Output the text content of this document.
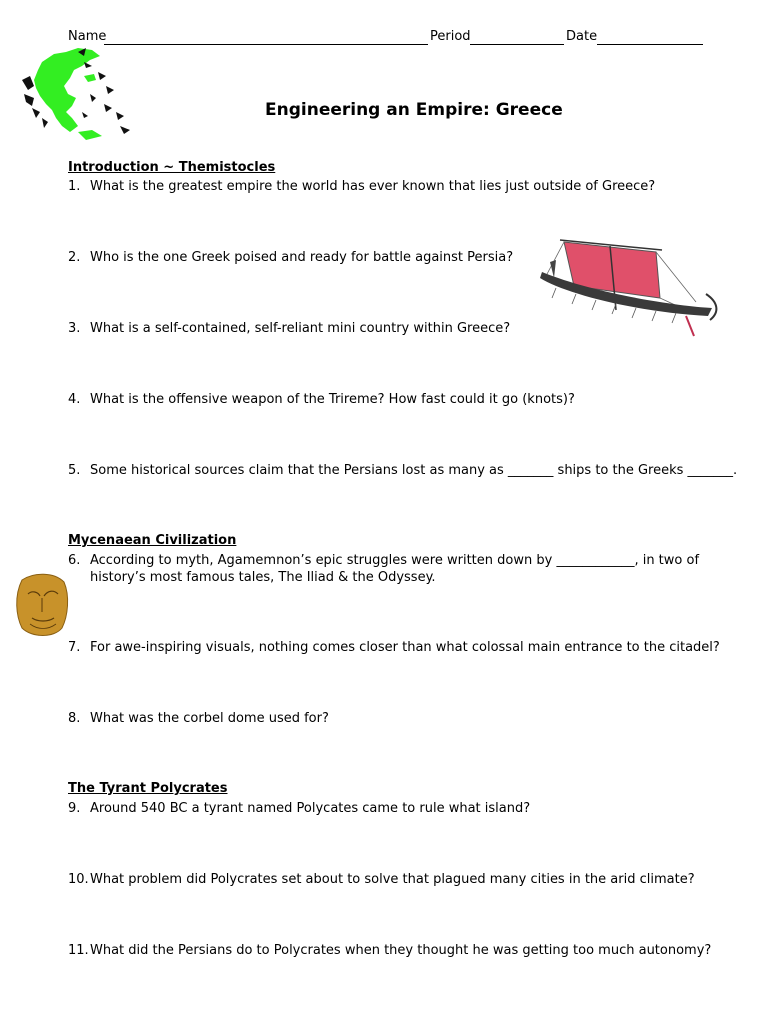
Name	Period	Date
Engineering an Empire: Greece
Introduction ~ Themistocles
1. What is the greatest empire the world has ever known that lies just outside of Greece?
2. Who is the one Greek poised and ready for battle against Persia?
3. What is a self-contained, self-reliant mini country within Greece?
4. What is the offensive weapon of the Trireme? How fast could it go (knots)?
5. Some historical sources claim that the Persians lost as many as _______ ships to the Greeks _______.
Mycenaean Civilization
6. According to myth, Agamemnon’s epic struggles were written down by ____________, in two of
history’s most famous tales, The Iliad & the Odyssey.
7. For awe-inspiring visuals, nothing comes closer than what colossal main entrance to the citadel?
8. What was the corbel dome used for?
The Tyrant Polycrates
9. Around 540 BC a tyrant named Polycates came to rule what island?
10.What problem did Polycrates set about to solve that plagued many cities in the arid climate?
11.What did the Persians do to Polycrates when they thought he was getting too much autonomy?
